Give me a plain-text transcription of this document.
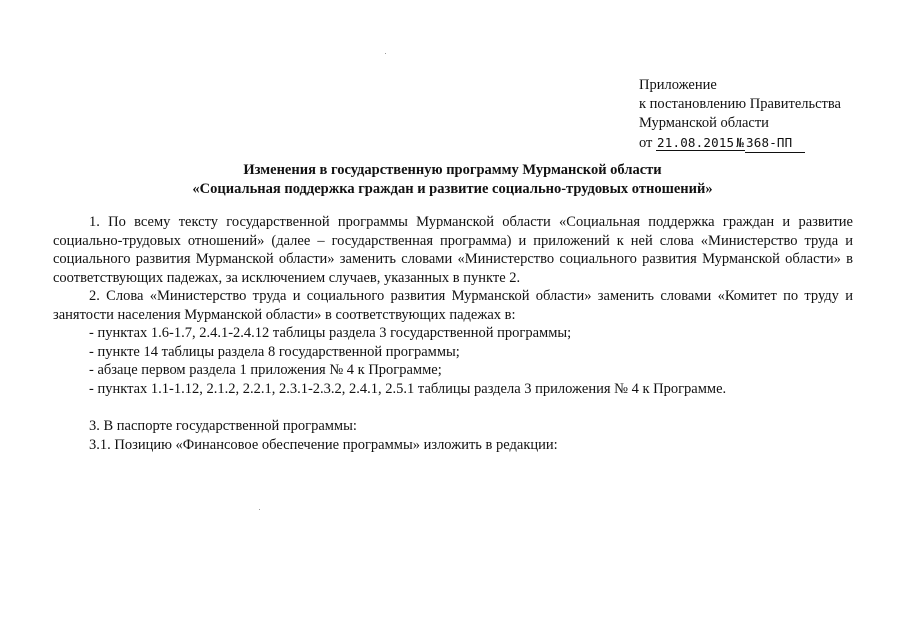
Приложение
к постановлению Правительства
Мурманской области
от 21.08.2015 № 368-ПП
Изменения в государственную программу Мурманской области
«Социальная поддержка граждан и развитие социально-трудовых отношений»

1. По всему тексту государственной программы Мурманской области «Социальная поддержка граждан и развитие социально-трудовых отношений» (далее – государственная программа) и приложений к ней слова «Министерство труда и социального развития Мурманской области» заменить словами «Министерство социального развития Мурманской области» в соответствующих падежах, за исключением случаев, указанных в пункте 2.

2. Слова «Министерство труда и социального развития Мурманской области» заменить словами «Комитет по труду и занятости населения Мурманской области» в соответствующих падежах в:

- пунктах 1.6-1.7, 2.4.1-2.4.12 таблицы раздела 3 государственной программы;

- пункте 14 таблицы раздела 8 государственной программы;

- абзаце первом раздела 1 приложения № 4 к Программе;

- пунктах 1.1-1.12, 2.1.2, 2.2.1, 2.3.1-2.3.2, 2.4.1, 2.5.1 таблицы раздела 3 приложения № 4 к Программе.

3. В паспорте государственной программы:

3.1. Позицию «Финансовое обеспечение программы» изложить в редакции:
